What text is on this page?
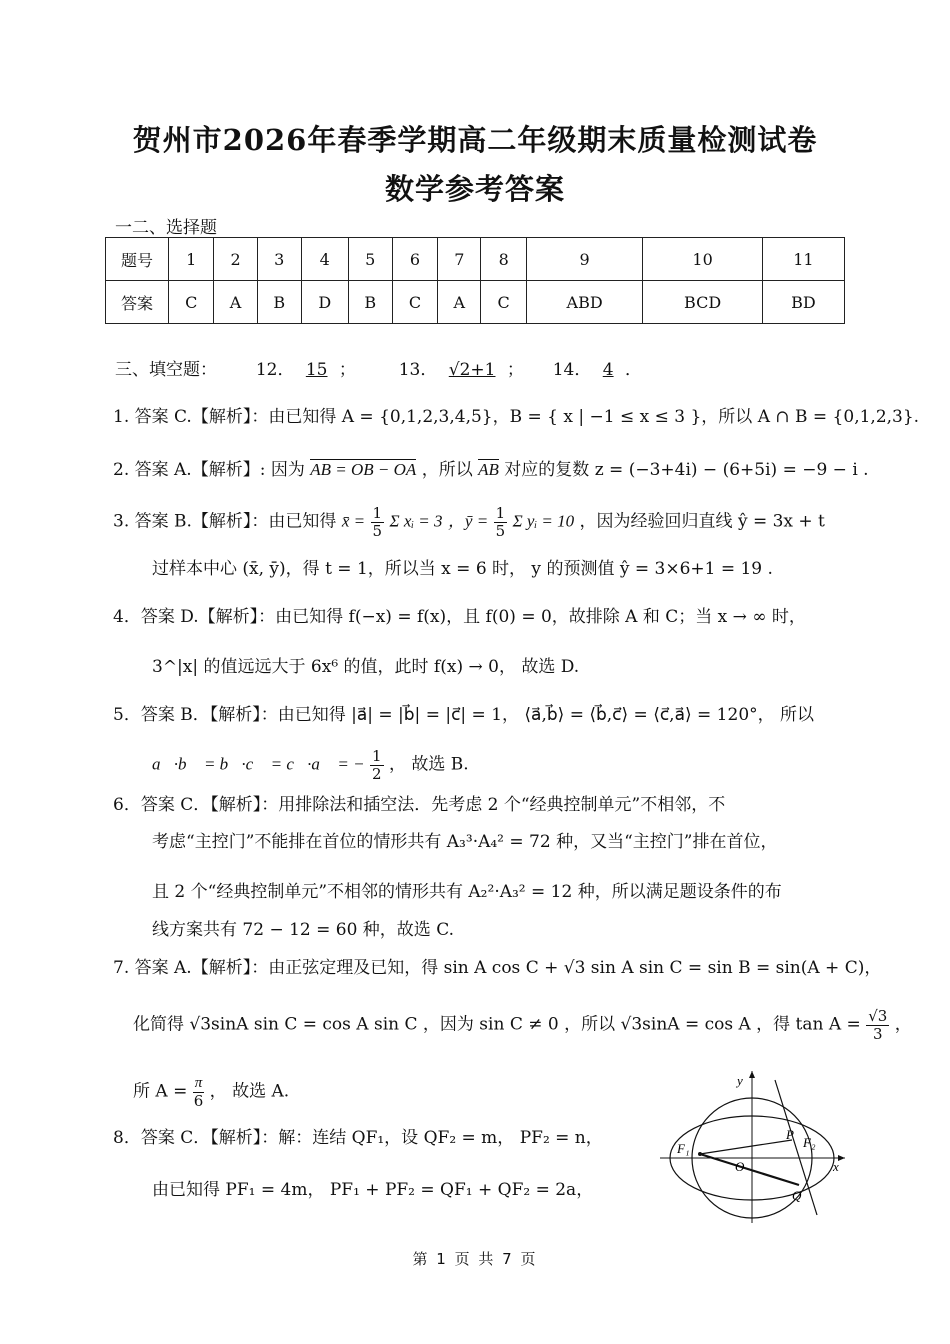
贺州市2026年春季学期高二年级期末质量检测试卷
数学参考答案
一二、选择题
题号	1	2	3	4	5	6	7	8	9	10	11
答案	C	A	B	D	B	C	A	C	ABD	BCD	BD
三、填空题： 12． 15 ；	13． √2+1 ； 14． 4 ．
1. 答案 C.【解析】：由已知得 A = {0,1,2,3,4,5}，B = { x | −1 ≤ x ≤ 3 }，所以 A ∩ B = {0,1,2,3}.
2. 答案 A.【解析】: 因为 AB = OB − OA ，所以 AB 对应的复数 z = (−3+4i) − (6+5i) = −9 − i .
3. 答案 B.【解析】：由已知得 x̄ = $\frac{1}{5}$ Σ xᵢ = 3 ，ȳ = $\frac{1}{5}$ Σ yᵢ = 10 ，因为经验回归直线 ŷ = 3x + t
过样本中心 (x̄, ȳ)，得 t = 1，所以当 x = 6 时， y 的预测值 ŷ = 3×6+1 = 19 .
4．答案 D.【解析】：由已知得 f(−x) = f(x)，且 f(0) = 0，故排除 A 和 C；当 x → ∞ 时，
3^|x| 的值远远大于 6x⁶ 的值，此时 f(x) → 0， 故选 D.
5．答案 B．【解析】：由已知得 |a⃗| = |b⃗| = |c⃗| = 1， ⟨a⃗,b⃗⟩ = ⟨b⃗,c⃗⟩ = ⟨c⃗,a⃗⟩ = 120°， 所以
a⃗·b⃗ = b⃗·c⃗ = c⃗·a⃗ = − $\frac{1}{2}$ ， 故选 B.
6．答案 C．【解析】：用排除法和插空法．先考虑 2 个“经典控制单元”不相邻，不
考虑“主控门”不能排在首位的情形共有 A₃³·A₄² = 72 种，又当“主控门”排在首位，
且 2 个“经典控制单元”不相邻的情形共有 A₂²·A₃² = 12 种，所以满足题设条件的布
线方案共有 72 − 12 = 60 种，故选 C.
7. 答案 A.【解析】：由正弦定理及已知，得 sin A cos C + √3 sin A sin C = sin B = sin(A + C)，
化简得 √3sinA sin C = cos A sin C ，因为 sin C ≠ 0 ，所以 √3sinA = cos A ，得 $\tan A = \frac{√3}{3}$ ，
所 $A = \frac{\pi}{6}$ ， 故选 A.
8．答案 C．【解析】：解：连结 QF₁，设 QF₂ = m， PF₂ = n，
由已知得 PF₁ = 4m， PF₁ + PF₂ = QF₁ + QF₂ = 2a，
F₁	F₂
P
Q
O
y
x
第 1 页 共 7 页
